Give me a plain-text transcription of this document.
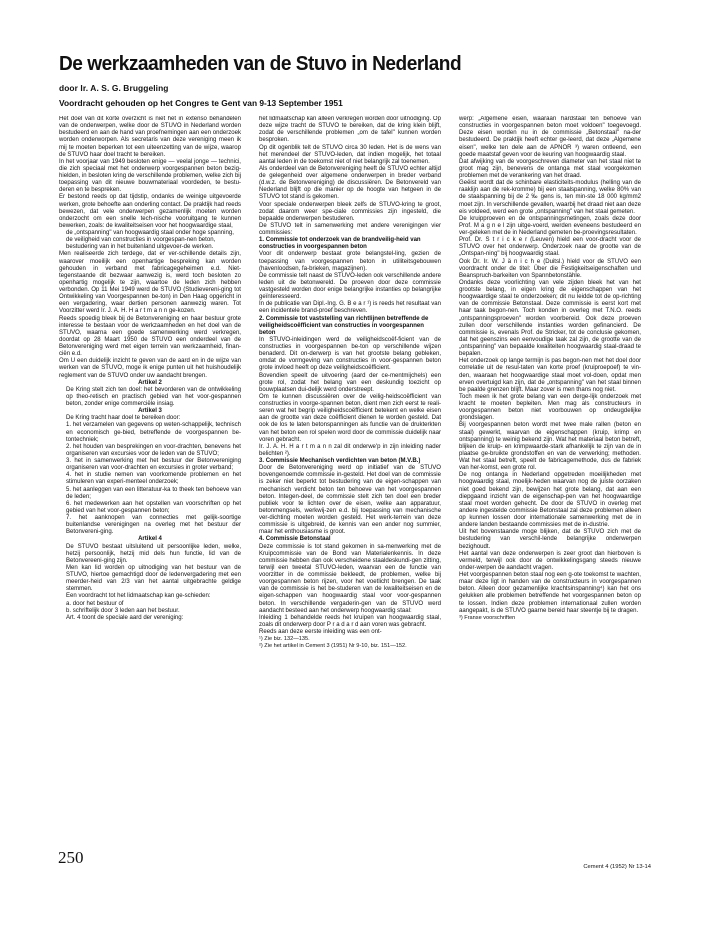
De werkzaamheden van de Stuvo in Nederland
door Ir. A. S. G. Bruggeling
Voordracht gehouden op het Congres te Gent van 9-13 September 1951

Het doel van dit korte overzicht is niet het in extenso behandelen van de onderwerpen, welke door de STUVO in Nederland worden bestudeerd en aan de hand van proefnemingen aan een onderzoek worden onderworpen. Als secretaris van deze vereniging meen ik mij te moeten beperken tot een uiteenzetting van de wijze, waarop de STUVO haar doel tracht te bereiken.

In het voorjaar van 1949 besloten enige — veelal jonge — technici, die zich speciaal met het onderwerp voorgespannen beton bezig-hielden, in besloten kring de verschillende problemen, welke zich bij toepassing van dit nieuwe bouwmateriaal voordeden, te bestu-deren en te bespreken.

Er bestond reeds op dat tijdstip, ondanks de weinige uitgevoerde werken, grote behoefte aan onderling contact. De praktijk had reeds bewezen, dat vele onderwerpen gezamenlijk moeten worden onderzocht om een snelle tech-nische vooruitgang te kunnen bewerken, zoals: de kwaliteitseisen voor het hoogwaardige staal,

de „ontspanning" van hoogwaardig staal onder hoge spanning,

de veiligheid van constructies in voorgespan-nen beton,

bestudering van in het buitenland uitgevoer-de werken.

Men realiseerde zich terdege, dat er ver-schillende details zijn, waarover moeilijk een openhartige bespreking kan worden gehouden in verband met fabricagegeheimen e.d. Niet-tegenstaande dit bezwaar aanwezig is, werd toch besloten zo openhartig mogelijk te zijn, waartoe de leden zich hebben verbonden. Op 11 Mei 1949 werd de STUVO (Studievereni-ging tot Ontwikkeling van Voorgespannen be-ton) in Den Haag opgericht in een vergadering, waar dertien personen aanwezig waren. Tot Voorzitter werd Ir. J. A. H. H a r t m a n n ge-kozen.

Reeds spoedig bleek bij de Betonvereniging en haar bestuur grote interesse te bestaan voor de werkzaamheden en het doel van de STUVO, waarna een goede samenwerking werd verkregen, doordat op 28 Maart 1950 de STUVO een onderdeel van de Betonvereniging werd met eigen terrein van werkzaamheid, finan-ciën e.d.

Om U een duidelijk inzicht te geven van de aard en in de wijze van werken van de STUVO, moge ik enige punten uit het huishoudelijk reglement van de STUVO onder uw aandacht brengen.

Artikel 2

De Kring stelt zich ten doel: het bevorderen van de ontwikkeling op theo-retisch en practisch gebied van het voor-gespannen beton, zonder enige commerciële insiag.

Artikel 3

De Kring tracht haar doel te bereiken door:

1. het verzamelen van gegevens op weten-schappelijk, technisch en economisch ge-bied, betreffende de voorgespannen be-tontechniek;

2. het houden van besprekingen en voor-drachten, benevens het organiseren van excursies voor de leden van de STUVO;

3. het in samenwerking met het bestuur der Betonvereniging organiseren van voor-drachten en excursies in groter verband;

4. het in studie nemen van voorkomende problemen en het stimuleren van experi-menteel onderzoek;

5. het aanleggen van een litteratuur-ka to theek ten behoeve van de leden;

6. het medewerken aan het opstellen van voorschriften op het gebied van het voor-gespannen beton;

7. het aanknopen van connecties met gelijk-soortige buitenlandse verenigingen na overleg met het bestuur der Betonvereni-ging.

Artikel 4

De STUVO bestaat uitsluitend uit persoonlijke leden, welke, hetzij persoonlijk, hetzij mid dels hun functie, lid van de Betonvereeni-ging zijn.

Men kan lid worden op uitnodiging van het bestuur van de STUVO, hiertoe gemachtigd door de ledenvergadering met een meerder-heid van 2/3 van het aantal uitgebrachte geldige stemmen.

Een voordracht tot het lidmaatschap kan ge-schieden:

a. door het bestuur of

b. schriftelijk door 3 leden aan het bestuur.

Art. 4 toont de speciale aard der vereniging:

het lidmaatschap kan alleen verkregen worden door uitnodiging. Op deze wijze tracht de STUVO te bereiken, dat de kring klein blijft, zodat de verschillende problemen „om de tafel" kunnen worden besproken.

Op dit ogenblik telt de STUVO circa 30 leden. Het is de wens van het merendeel der STUVO-leden, dat indien mogelijk, het totaal aantal leden in de toekomst niet of niet belangrijk zal toenemen.

Als onderdeel van de Betonvereniging heeft de STUVO echter altijd de gelegenheid over algemene onderwerpen in breder verband (d.w.z. de Betonvereniging) de discussiëren. De Betonvereld van Nederland blijft op die manier op de hoogte van hetgeen in de STUVO tot stand is gekomen.

Voor speciale onderwerpen bleek zelfs de STUVO-kring te groot, zodat daarom weer spe-ciale commissies zijn ingesteld, die bepaalde onderwerpen bestuderen.

De STUVO telt in samenwerking met andere verenigingen vier commissies:

1. Commissie tot onderzoek van de brandveilig-heid van constructies in voorgespannen beton

Voor dit onderwerp bestaat grote belangstel-ling, gezien de toepassing van voorgespannen beton in utiliteitsgebouwen (havenloodsen, fa-brieken, magazijnen).

De commissie telt naast de STUVO-leden ook verschillende andere leden uit de betonwereld. De proeven door deze commissie vastgesteld worden door enige belangrijke instanties op belangrijke geïnteresseerd.

In de publicatie van Dipl.-Ing. G. B e a r ¹) is reeds het resultaat van een incidentele brand-proef beschreven.

2. Commissie tot vaststelling van richtlijnen betreffende de veiligheidscoëfficient van constructies in voorgespannen beton

In STUVO-inleidingen werd de veiligheidscoëf-ficient van de constructies in voorgespannen be-ton op verschillende wijzen benaderd. Dit on-derwerp is van het grootste belang gebleken, omdat de vormgeving van constructies in voor-gespannen beton grote invloed heeft op deze veiligheidscoëfficient.

Bovendien speelt de uitvoering (aard der ce-mentmijchels) een grote rol, zodat het belang van een deskundig toezicht op bouwplaatsen dui-delijk werd onderstreept.

Om te kunnen discussiëren over de veilig-heidscoëfficient van constructies in voorge-spannen beton, dient men zich eerst te reali-seren wat het begrip veiligheidscoëfficient betekent en welke eisen aan de grootte van deze coëfficient dienen te worden gesteld. Dat ook de los te laten betonspanningen als functie van de drukterkten van het beton een rol spelen word door de commissie duidelijk naar voren gebracht.

Ir. J. A. H. H a r t m a n n zal dit onderwe'p in zijn inleiding nader belichten ²).

3. Commissie Mechanisch verdichten van beton (M.V.B.)

Door de Betonvereniging werd op initiatief van de STUVO bovengenoemde commissie in-gesteld. Het doel van de commissie is zeker niet beperkt tot bestudering van de eigen-schappen van mechanisch verdicht beton ten behoeve van het voorgespannen beton. Integen-deel, de commissie stelt zich ten doel een breder publiek voor te lichten over de eisen, welke aan apparatuur, betonmengsels, werkwij-zen e.d. bij toepassing van mechanische ver-dichting moeten worden gesteld. Het werk-terrein van deze commissie is uitgebreid, de kennis van een ander nog summier, maar het enthousiasme is groot.

4. Commissie Betonstaal

Deze commissie is tot stand gekomen in sa-menwerking met de Kruipcommissie van de Bond van Materialenkennis. In deze commissie hebben dan ook verscheidene staaldeskundi-gen zitting, terwijl een tweetal STUVO-leden, waarvan een de functie van voorzitter in de commissie bekleedt, de problemen, welke bij voorgespannen beton rijzen, voor het voetlicht brengen. De taak van de commissie is het be-studeren van de kwaliteitseisen en de eigen-schappen van hoogwaardig staal voor voor-gespannen beton. In verschillende vergaderin-gen van de STUVO werd aandacht besteed aan het onderwerp hoogwaardig staal:

Inleiding 1 behandelde reeds het kruipen van hoogwaardig staal, zoals dit onderwerp door P r a d a r d aan voren was gebracht.

Reeds aan deze eerste inleiding was een ont-

¹) Zie biz. 132—135.

²) Zie het artikel in Cement 3 (1951) Nr 9-10, biz. 151—152.

werp: „Algemene eisen, waaraan hardstaal ten behoeve van constructies in voorgespannen beton moet voldoen" toegevoegd. Deze eisen worden nu in de commissie „Betonstaal" na-der bestudeerd. De praktijk heeft echter ge-leerd, dat deze „Algemene eisen", welke ten dele aan de APNOR ³) waren ontleend, een goede maatstaf geven voor de keuring van hoogwaardig staal.

Dat afwijking van de voorgeschreven diameter van het staal niet te groot mag zijn, benevens de ontanga met staal voorgekomen problemen met de verankering van het draad.

Geëist wordt dat de schinbare elasticiteits-modulus (helling van de raaklijn aan de rek-kromme) bij een staalspanning, welke 80% van de staalspanning bij de 2 ‰ gens is, ten min-ste 18 000 kg/mm2 moet zijn. In verschillende gevallen, waarbij het draad niet aan deze eis voldeed, werd een grote „ontspanning" van het staal gemeten.

De kruipproeven en de ontspanningsmetingen, zoals deze door Prof. M a g n e l zijn uitge-voerd, werden eveneens bestudeerd en ver-geleken met de in Nederland gemeten be-proevingsresultaten.

Prof. Dr. S t r i c k e r (Leuven) hield een voor-dracht voor de STUVO over het onderwerp. Onderzoek naar de grootte van de „Ontspan-ning" bij hoogwaardig staal.

Ook Dr. Ir. W. J ä n i c h e (Duitsl.) hield voor de STUVO een voordracht onder de titel: Über die Festigkeitseigenschaften und Beanspruch-barkeiten von Spannbetonstähle.

Ondanks deze voorlichting van vele zijden bleek het van het grootste belang, in eigen kring de eigenschappen van het hoogwaardige staal te onderzoeken; dit nu leidde tot de op-richting van de commissie Betonstaal. Deze commissie is eerst kort met haar taak begon-nen. Toch konden in overleg met T.N.O. reeds „ontspanningsproeven" worden voorbereid. Ook deze proeven zullen door verschillende instanties worden gefinancierd. De commissie is, evenals Prof. de Stricker, tot de conclusie gekomen, dat het geenszins een eenvoudige taak zal zijn, de grootte van de „ontspanning" van bepaalde kwaliteiten hoogwaardig staal-draad te bepalen.

Het onderzoek op lange termijn is pas begon-nen met het doel door correlatie uit de resul-taten van korte proef (kruiproepoef) te vin-den, waaraan het hoogwaardige staal moet vol-doen, opdat men erven overtuigd kan zijn, dat de „ontspanning" van het staal binnen be paalde grenzen blijft. Maar zover is men thans nog niet.

Toch meen ik het grote belang van een derge-lijk onderzoek met kracht te moeten bepleiten. Men mag als constructeurs in voorgespannen beton niet voorbouwen op ondeugdelijke grondslagen.

Bij voorgespannen beton wordt met twee male rallen (beton en staal) gewerkt, waarvan de eigenschappen (kruip, krimp en ontspanning) te weinig bekend zijn. Wat het materiaal beton betreft, blijken de kruip- en krimpwaarde-stark afhankelijk te zijn van de in plaatse ge-bruikte grondstoffen en van de verwerking; methoden. Wat het staal betreft, speelt de fabricagemethode, dus de fabriek van her-komst, een grote rol.

De nog ontanga in Nederland opgetreden moeilijkheden met hoogwaardig staal, moelijk-heden waarvan nog de juiste oorzaken niet goed bekend zijn, bewijzen het grote belang, dat aan een diepgaand inzicht van de eigenschap-pen van het hoogwaardige staal moet worden gehecht. De door de STUVO in overleg met andere ingestelde commissie Betonstaal zal deze problemen alleen op kunnen lossen door internationale samenwerking met de in andere landen bestaande commissies met de in-dustrie.

Uit het bovenstaande moge blijken, dat de STUVO zich met de bestudering van verschil-lende belangrijke onderwerpen bezighoudt.

Het aantal van deze onderwerpen is zeer groot dan hierboven is vermeld, terwijl ook door de ontwikkelingsgang steeds nieuwe onder-werpen de aandacht vragen.

Het voorgespannen beton staal nog een g-ote toekomst te wachten, maar deze ligt in handen van de constructeurs in voorgespannen beton. Alleen door gezamenlijke krachtsinspanning⁴) kan het ons gelukken alle problemen betreffende het voorgespannen beton op te lossen. Indien deze problemen internationaal zullen worden aangepakt, is de STUVO gaarne bereid haar steentje bij te dragen.

³) Franse voorschriften

250	Cement 4 (1952) Nr 13-14
